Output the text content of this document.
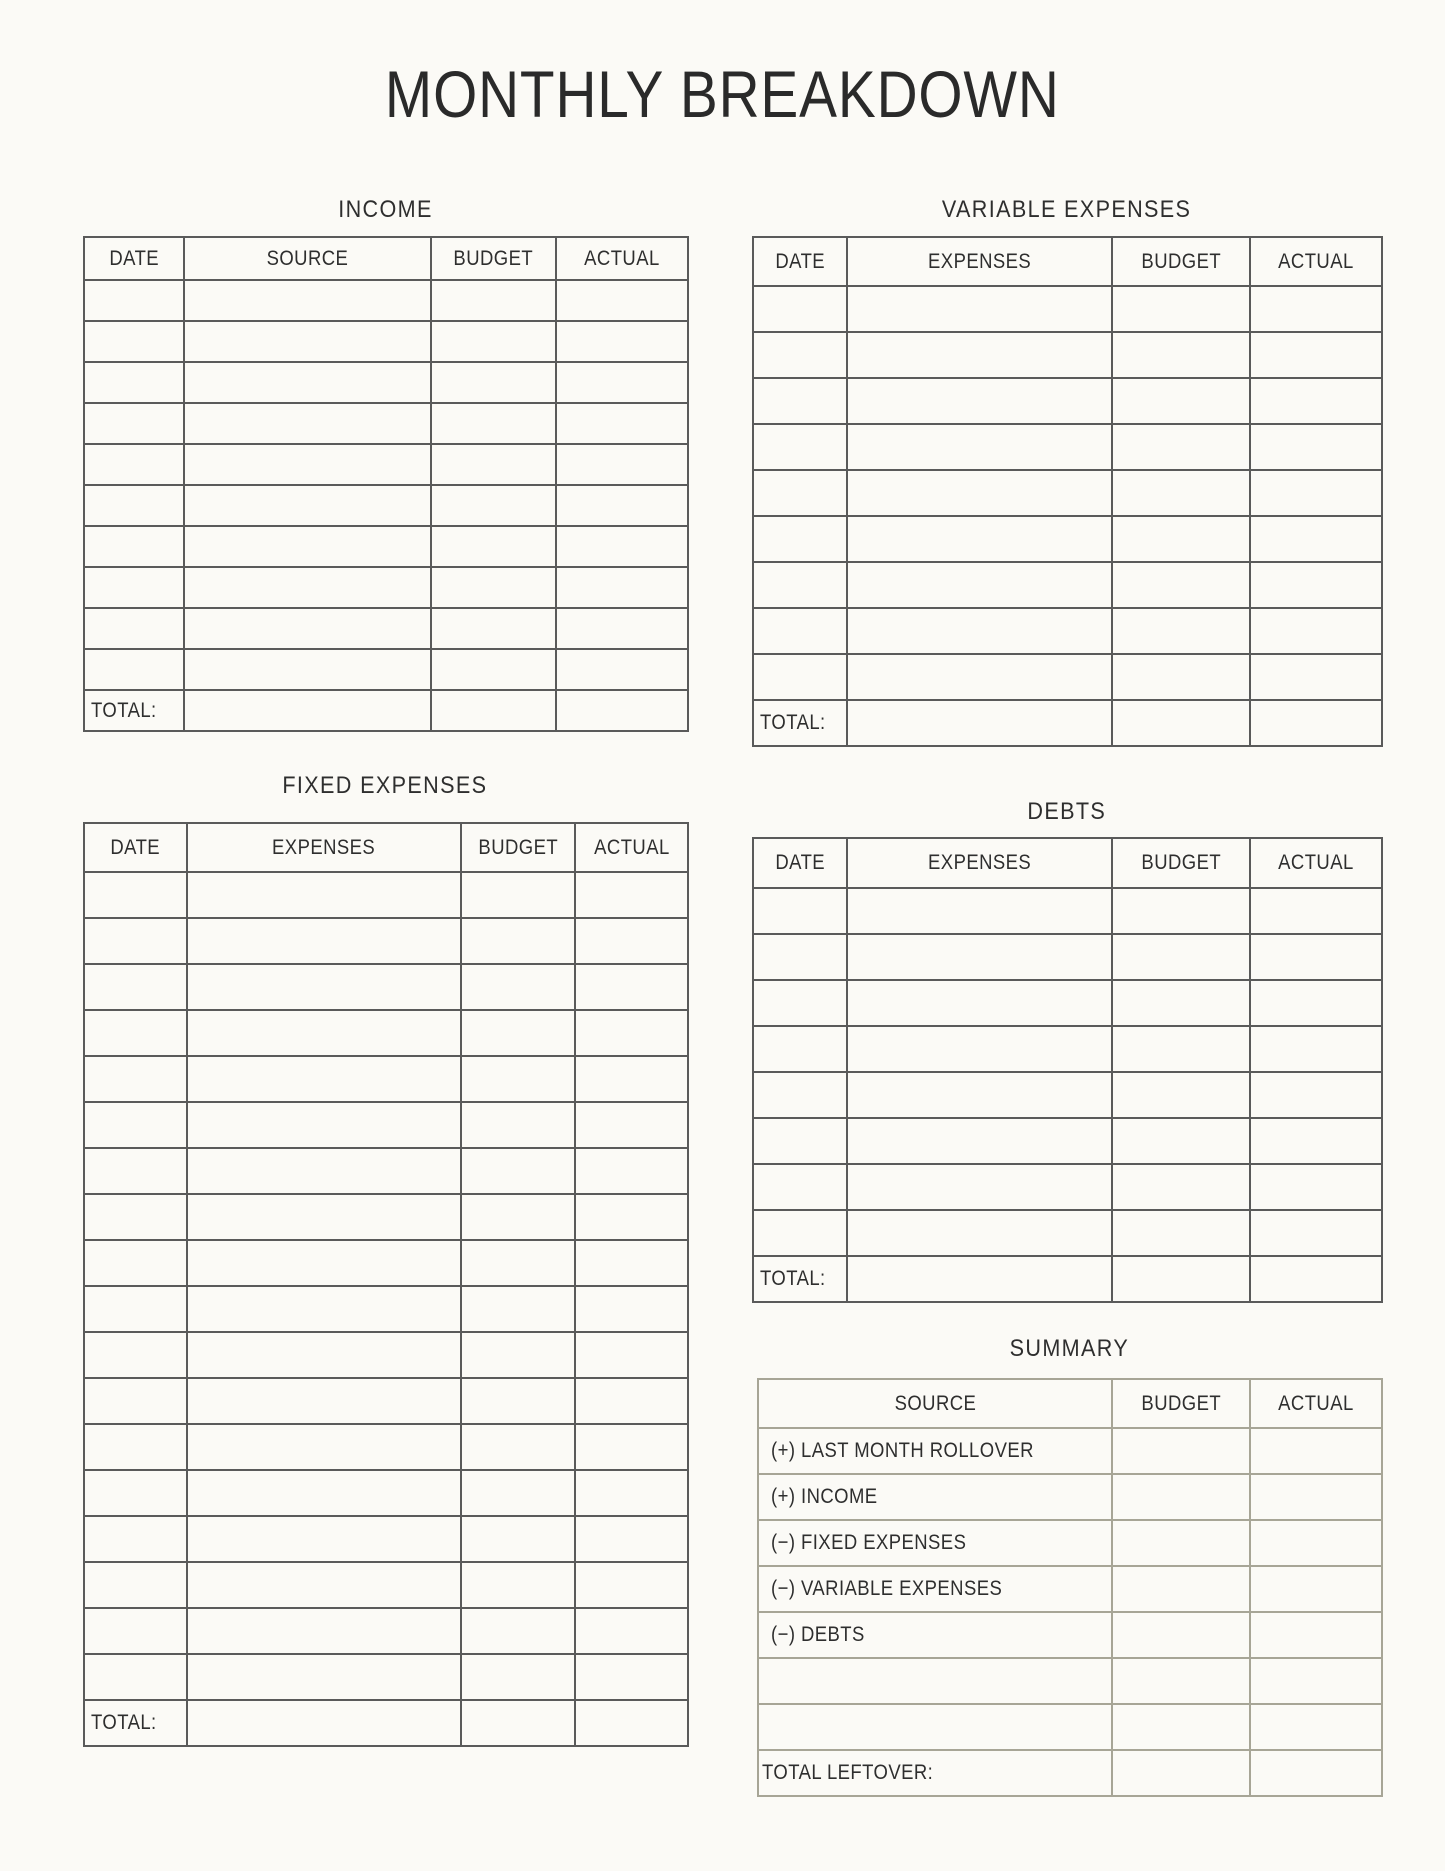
MONTHLY BREAKDOWN
INCOME
DATE	SOURCE	BUDGET	ACTUAL

TOTAL:			
VARIABLE EXPENSES
DATE	EXPENSES	BUDGET	ACTUAL

TOTAL:			
FIXED EXPENSES
DATE	EXPENSES	BUDGET	ACTUAL

TOTAL:			
DEBTS
DATE	EXPENSES	BUDGET	ACTUAL

TOTAL:			
SUMMARY
SOURCE	BUDGET	ACTUAL
(+) LAST MONTH ROLLOVER		
(+) INCOME		
(−) FIXED EXPENSES		
(−) VARIABLE EXPENSES		
(−) DEBTS		

TOTAL LEFTOVER:		
